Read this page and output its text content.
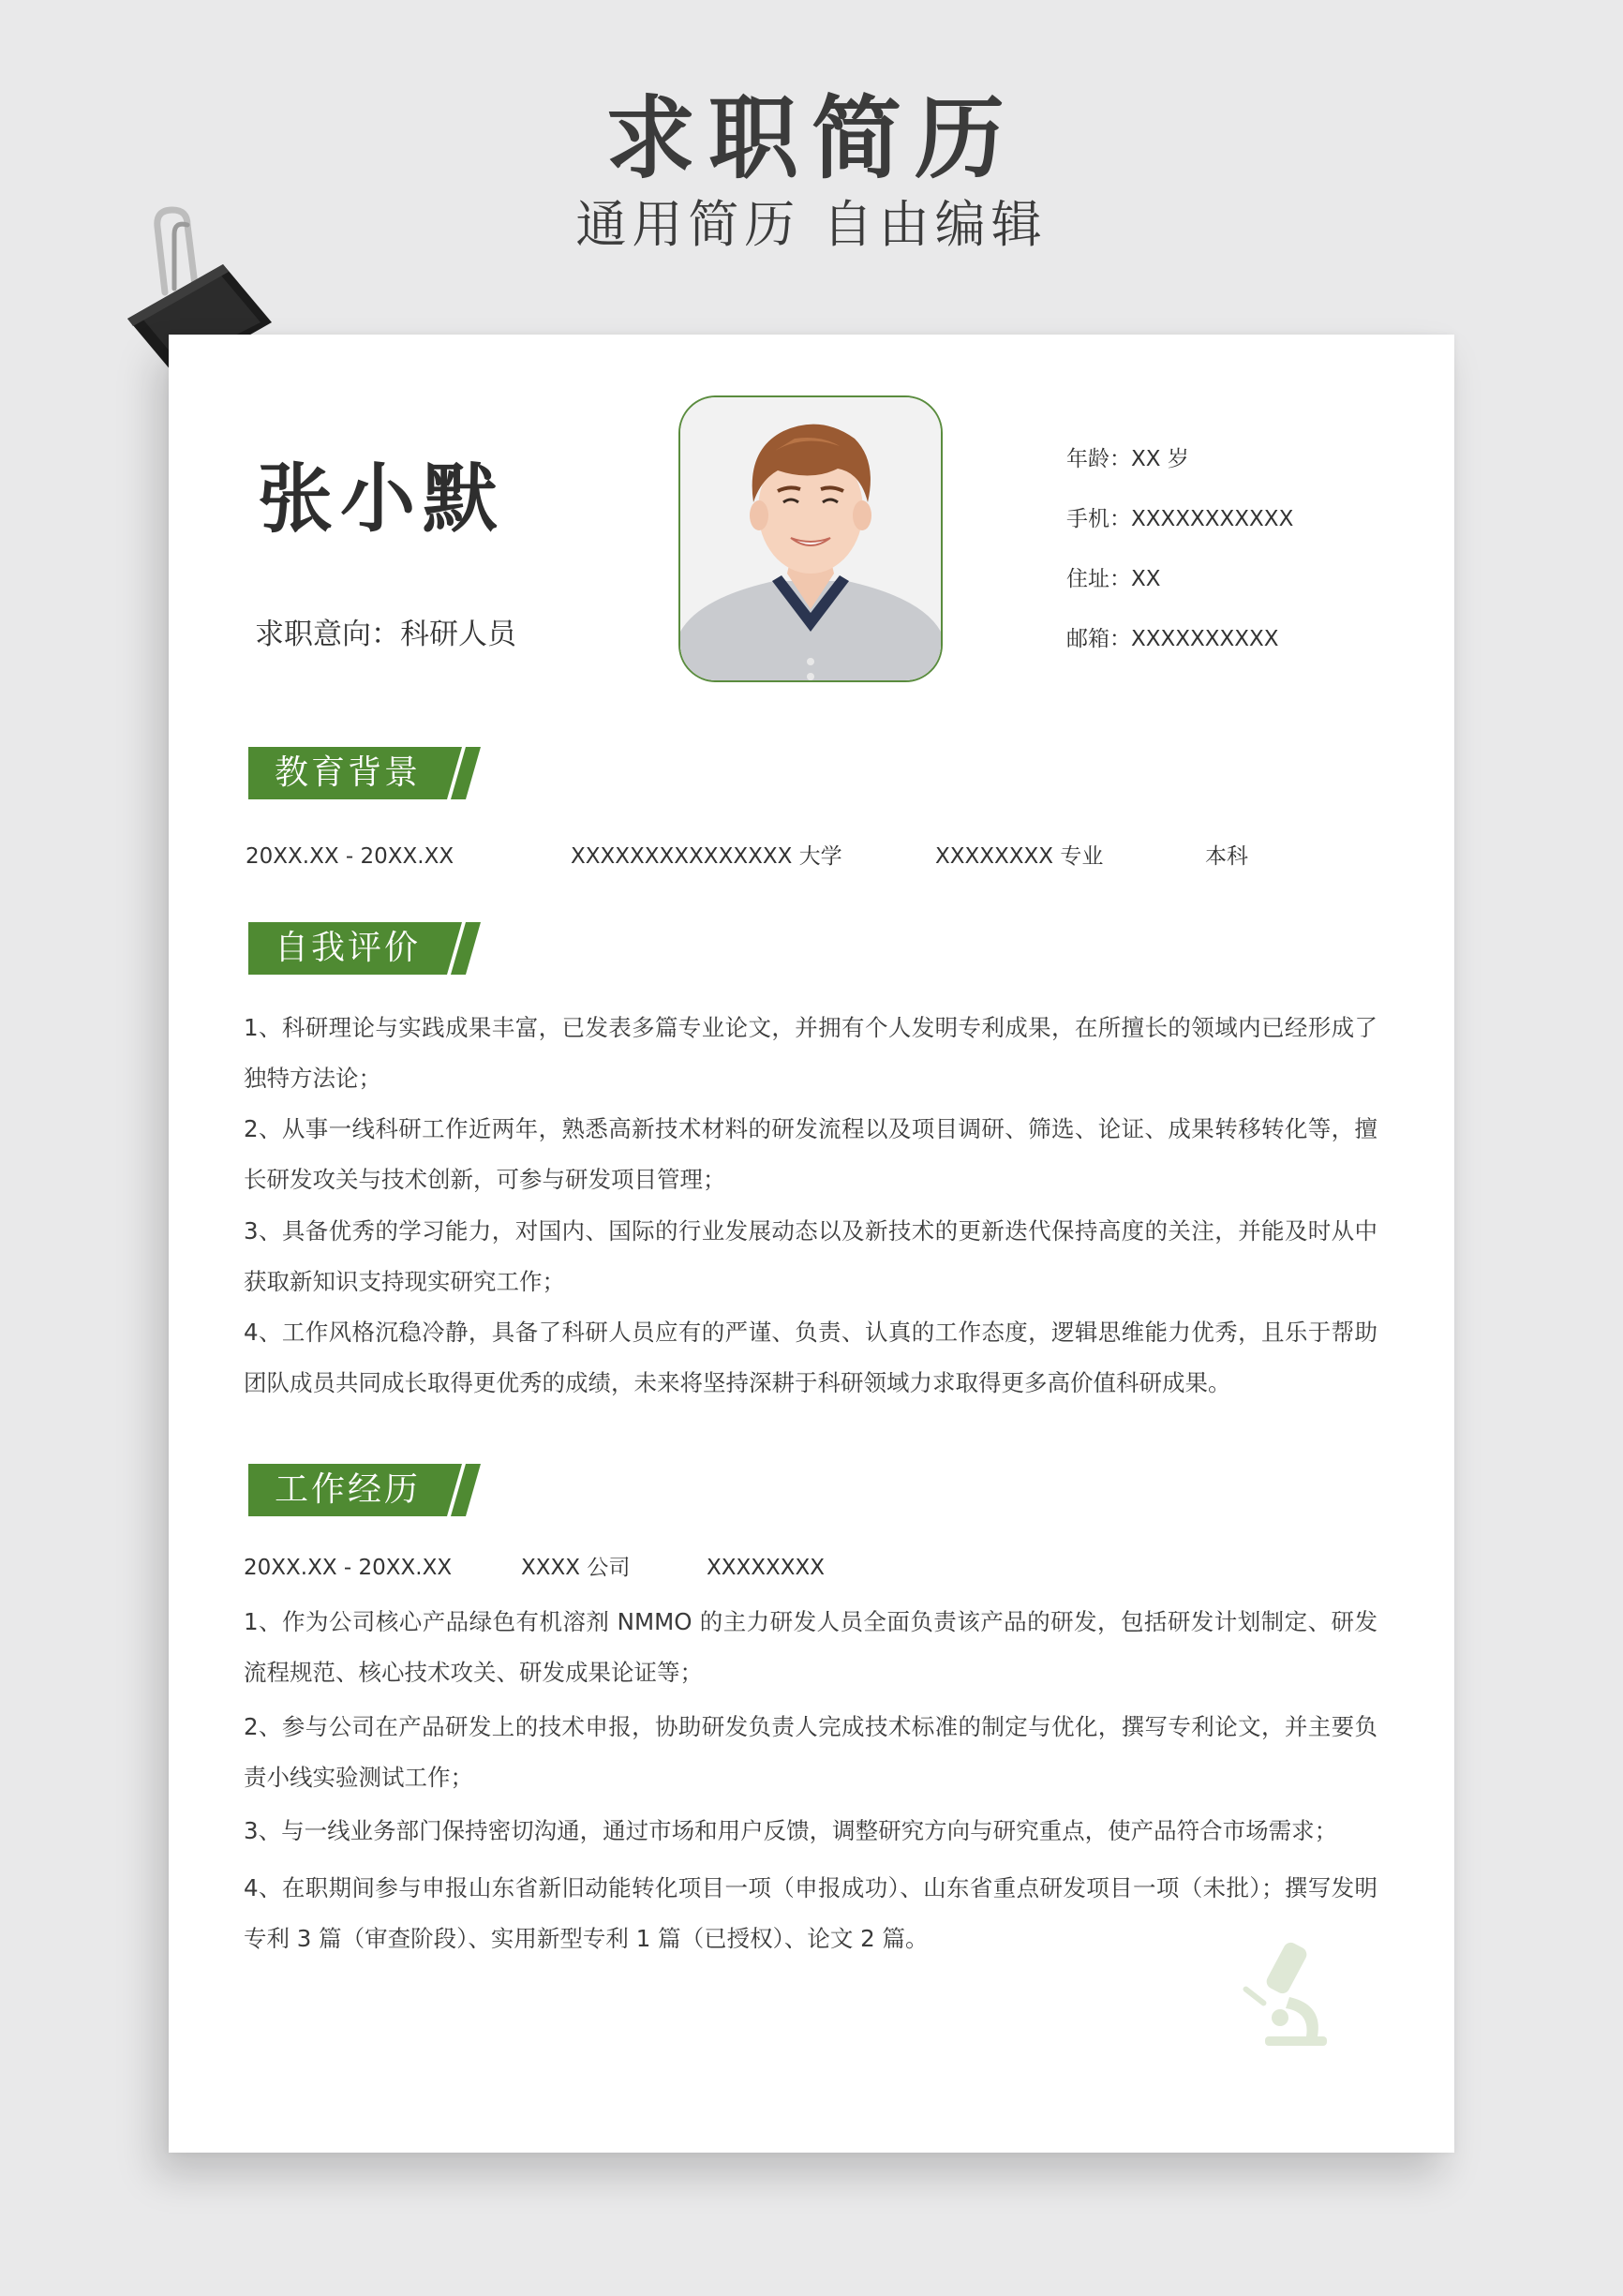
求职简历
通用简历 自由编辑
张小默
求职意向：科研人员
年龄：XX 岁
手机：XXXXXXXXXXX
住址：XX
邮箱：XXXXXXXXXX
教育背景
20XX.XX - 20XX.XX	XXXXXXXXXXXXXXX 大学	XXXXXXXX 专业	本科
自我评价

1、科研理论与实践成果丰富，已发表多篇专业论文，并拥有个人发明专利成果，在所擅长的领域内已经形成了独特方法论；

2、从事一线科研工作近两年，熟悉高新技术材料的研发流程以及项目调研、筛选、论证、成果转移转化等，擅长研发攻关与技术创新，可参与研发项目管理；

3、具备优秀的学习能力，对国内、国际的行业发展动态以及新技术的更新迭代保持高度的关注，并能及时从中获取新知识支持现实研究工作；

4、工作风格沉稳冷静，具备了科研人员应有的严谨、负责、认真的工作态度，逻辑思维能力优秀，且乐于帮助团队成员共同成长取得更优秀的成绩，未来将坚持深耕于科研领域力求取得更多高价值科研成果。

工作经历
20XX.XX - 20XX.XX	XXXX 公司	XXXXXXXX

1、作为公司核心产品绿色有机溶剂 NMMO 的主力研发人员全面负责该产品的研发，包括研发计划制定、研发流程规范、核心技术攻关、研发成果论证等；

2、参与公司在产品研发上的技术申报，协助研发负责人完成技术标准的制定与优化，撰写专利论文，并主要负责小线实验测试工作；

3、与一线业务部门保持密切沟通，通过市场和用户反馈，调整研究方向与研究重点，使产品符合市场需求；

4、在职期间参与申报山东省新旧动能转化项目一项（申报成功）、山东省重点研发项目一项（未批）；撰写发明专利 3 篇（审查阶段）、实用新型专利 1 篇（已授权）、论文 2 篇。
